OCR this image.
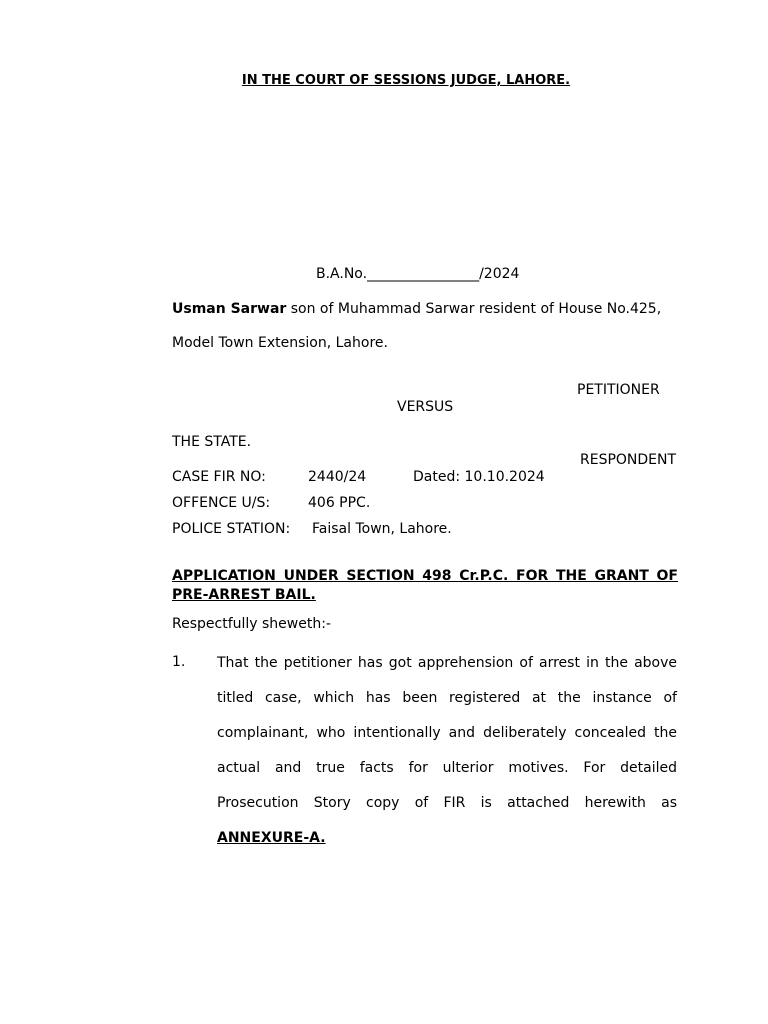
IN THE COURT OF SESSIONS JUDGE, LAHORE.
B.A.No.________________/2024
Usman Sarwar son of Muhammad Sarwar resident of House No.425,
Model Town Extension, Lahore.
PETITIONER
VERSUS
THE STATE.
RESPONDENT
CASE FIR NO:	2440/24	Dated: 10.10.2024
OFFENCE U/S:	406 PPC.
POLICE STATION: Faisal Town, Lahore.
APPLICATION UNDER SECTION 498 Cr.P.C. FOR THE GRANT OF
PRE-ARREST BAIL.
Respectfully sheweth:-
1. That the petitioner has got apprehension of arrest in the above
titled case, which has been registered at the instance of
complainant, who intentionally and deliberately concealed the
actual and true facts for ulterior motives. For detailed
Prosecution Story copy of FIR is attached herewith as
ANNEXURE-A.
